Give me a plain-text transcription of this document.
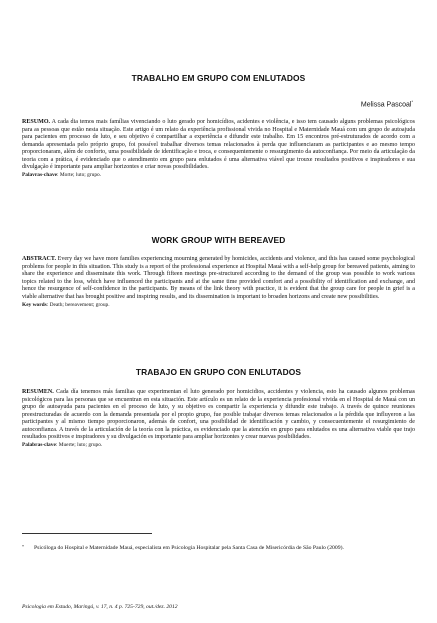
TRABALHO EM GRUPO COM ENLUTADOS
Melissa Pascoal*
RESUMO. A cada dia temos mais famílias vivenciando o luto gerado por homicídios, acidentes e violência, e isso tem causado alguns problemas psicológicos para as pessoas que estão nesta situação. Este artigo é um relato da experiência profissional vivida no Hospital e Maternidade Mauá com um grupo de autoajuda para pacientes em processo de luto, e seu objetivo é compartilhar a experiência e difundir este trabalho. Em 15 encontros pré-estruturados de acordo com a demanda apresentada pelo próprio grupo, foi possível trabalhar diversos temas relacionados à perda que influenciaram as participantes e ao mesmo tempo proporcionaram, além de conforto, uma possibilidade de identificação e troca, e consequentemente o ressurgimento da autoconfiança. Por meio da articulação da teoria com a prática, é evidenciado que o atendimento em grupo para enlutados é uma alternativa viável que trouxe resultados positivos e inspiradores e sua divulgação é importante para ampliar horizontes e criar novas possibilidades.
Palavras-chave: Morte; luto; grupo.
WORK GROUP WITH BEREAVED
ABSTRACT. Every day we have more families experiencing mourning generated by homicides, accidents and violence, and this has caused some psychological problems for people in this situation. This study is a report of the professional experience at Hospital Mauá with a self-help group for bereaved patients, aiming to share the experience and disseminate this work. Through fifteen meetings pre-structured according to the demand of the group was possible to work various topics related to the loss, which have influenced the participants and at the same time provided comfort and a possibility of identification and exchange, and hence the resurgence of self-confidence in the participants. By means of the link theory with practice, it is evident that the group care for people in grief is a viable alternative that has brought positive and inspiring results, and its dissemination is important to broaden horizons and create new possibilities.
Key words: Death; bereavement; group.
TRABAJO EN GRUPO CON ENLUTADOS
RESUMEN. Cada día tenemos más familias que experimentan el luto generado por homicidios, accidentes y violencia, esto ha causado algunos problemas psicológicos para las personas que se encuentran en esta situación. Este artículo es un relato de la experiencia profesional vivida en el Hospital de Mauá con un grupo de autoayuda para pacientes en el proceso de luto, y su objetivo es compartir la experiencia y difundir este trabajo. A través de quince reuniones preestructuradas de acuerdo con la demanda presentada por el propio grupo, fue posible trabajar diversos temas relacionados a la pérdida que influyeron a las participantes y al mismo tiempo proporcionaron, además de confort, una posibilidad de identificación y cambio, y consecuentemente el resurgimiento de autoconfianza. A través de la articulación de la teoría con la práctica, es evidenciado que la atención en grupo para enlutados es una alternativa viable que trajo resultados positivos e inspiradores y su divulgación es importante para ampliar horizontes y crear nuevas posibilidades.
Palabras-clave: Muerte; luto; grupo.
*	Psicóloga do Hospital e Maternidade Mauá, especialista em Psicologia Hospitalar pela Santa Casa de Misericórdia de São Paulo (2009).
Psicologia em Estudo, Maringá, v. 17, n. 4 p. 725-729, out./dez. 2012
